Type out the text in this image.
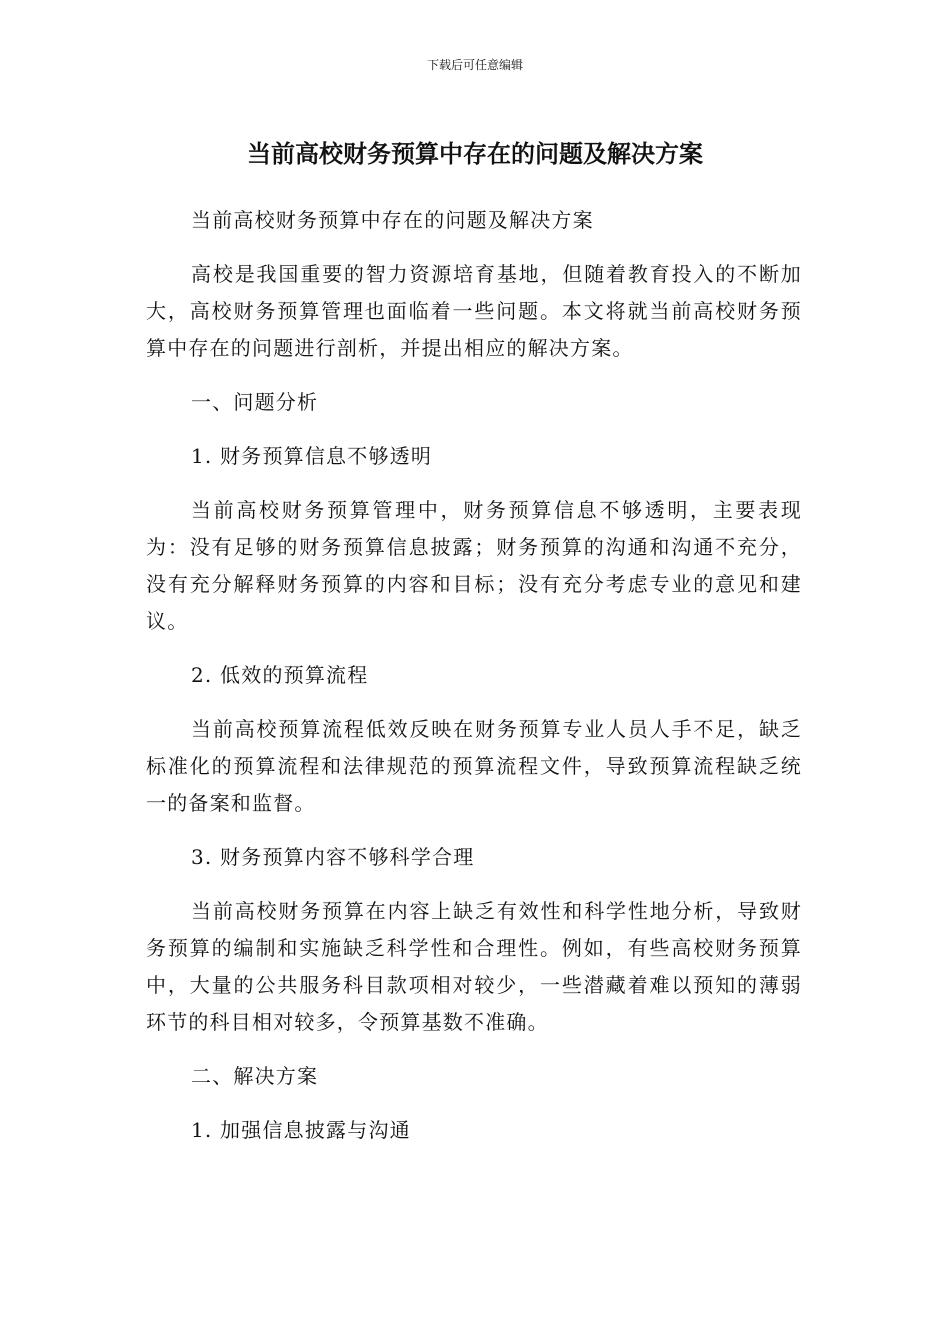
下载后可任意编辑
当前高校财务预算中存在的问题及解决方案

当前高校财务预算中存在的问题及解决方案

高校是我国重要的智力资源培育基地，但随着教育投入的不断加大，高校财务预算管理也面临着一些问题。本文将就当前高校财务预算中存在的问题进行剖析，并提出相应的解决方案。

一、问题分析

1. 财务预算信息不够透明

当前高校财务预算管理中，财务预算信息不够透明，主要表现为：没有足够的财务预算信息披露；财务预算的沟通和沟通不充分，没有充分解释财务预算的内容和目标；没有充分考虑专业的意见和建议。

2. 低效的预算流程

当前高校预算流程低效反映在财务预算专业人员人手不足，缺乏标准化的预算流程和法律规范的预算流程文件，导致预算流程缺乏统一的备案和监督。

3. 财务预算内容不够科学合理

当前高校财务预算在内容上缺乏有效性和科学性地分析，导致财务预算的编制和实施缺乏科学性和合理性。例如，有些高校财务预算中，大量的公共服务科目款项相对较少，一些潜藏着难以预知的薄弱环节的科目相对较多，令预算基数不准确。

二、解决方案

1. 加强信息披露与沟通
